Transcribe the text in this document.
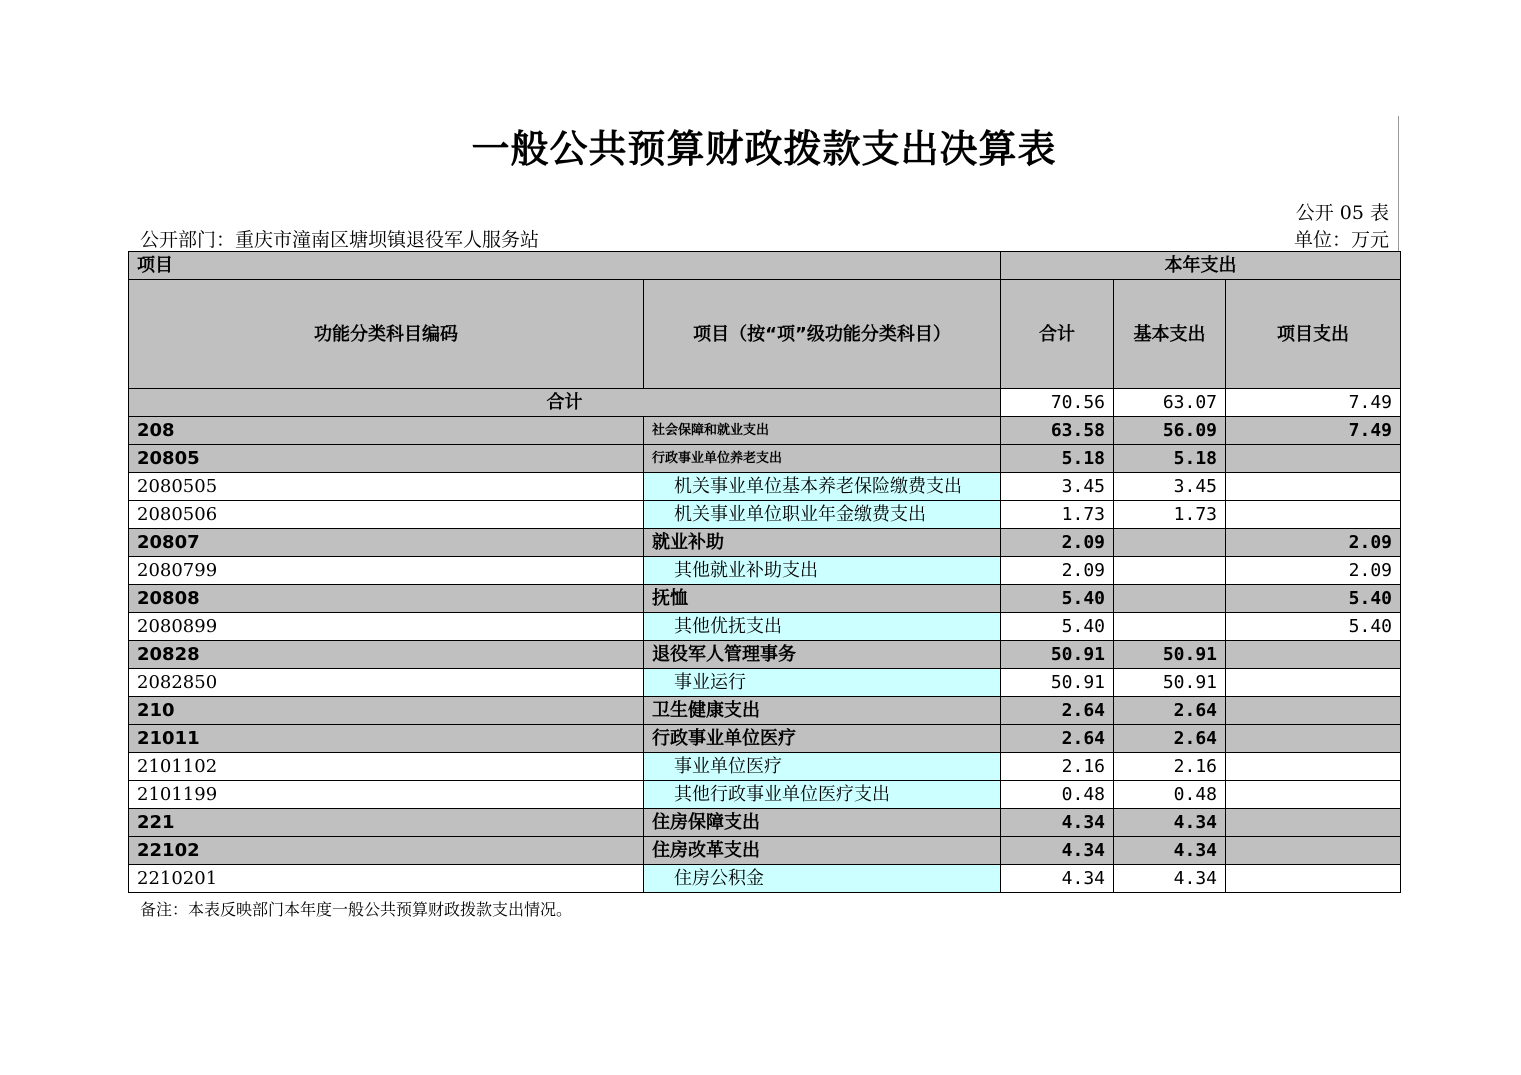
一般公共预算财政拨款支出决算表
公开 05 表
公开部门：重庆市潼南区塘坝镇退役军人服务站	单位：万元
项目		本年支出		
功能分类科目编码	项目（按“项”级功能分类科目）	合计	基本支出	项目支出
合计		70.56	63.07	7.49
208	社会保障和就业支出	63.58	56.09	7.49
20805	行政事业单位养老支出	5.18	5.18	
2080505	机关事业单位基本养老保险缴费支出	3.45	3.45	
2080506	机关事业单位职业年金缴费支出	1.73	1.73	
20807	就业补助	2.09		2.09
2080799	其他就业补助支出	2.09		2.09
20808	抚恤	5.40		5.40
2080899	其他优抚支出	5.40		5.40
20828	退役军人管理事务	50.91	50.91	
2082850	事业运行	50.91	50.91	
210	卫生健康支出	2.64	2.64	
21011	行政事业单位医疗	2.64	2.64	
2101102	事业单位医疗	2.16	2.16	
2101199	其他行政事业单位医疗支出	0.48	0.48	
221	住房保障支出	4.34	4.34	
22102	住房改革支出	4.34	4.34	
2210201	住房公积金	4.34	4.34	
备注：本表反映部门本年度一般公共预算财政拨款支出情况。
